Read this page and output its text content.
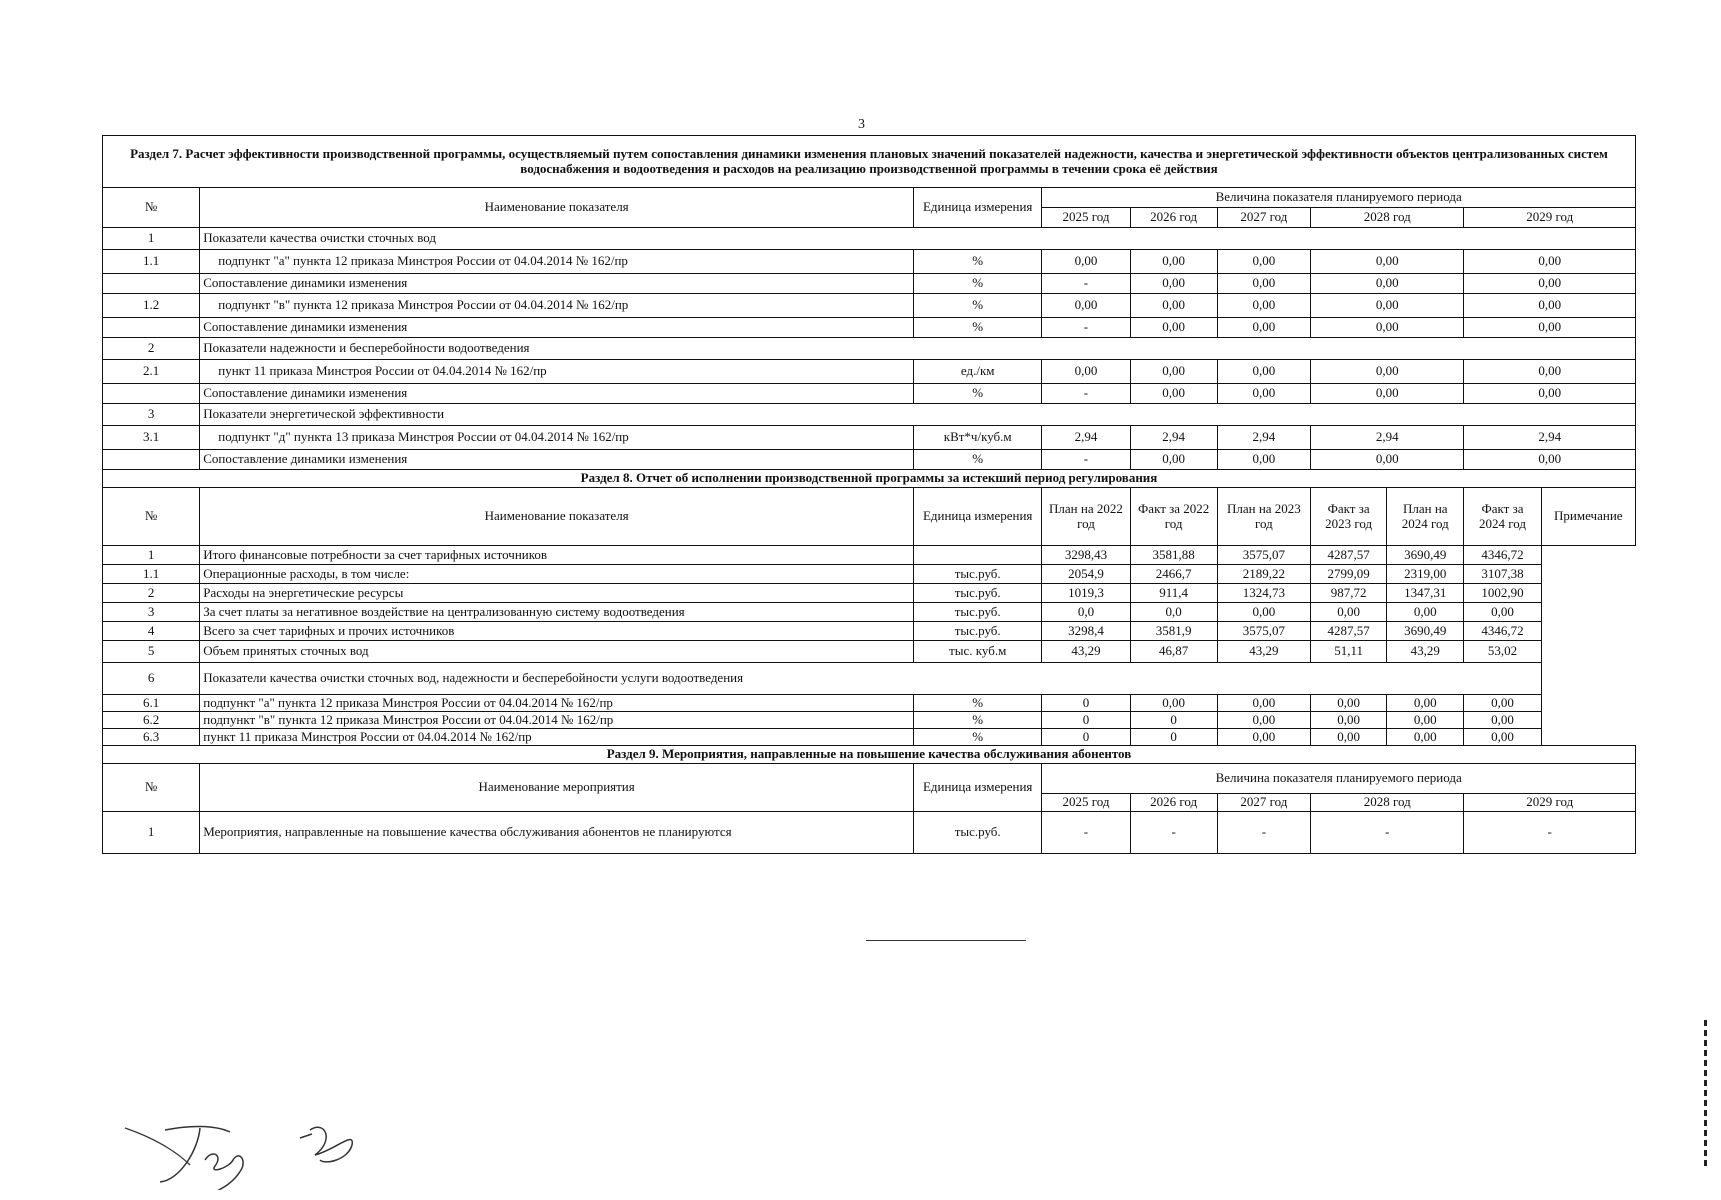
3
Раздел 7. Расчет эффективности производственной программы, осуществляемый путем сопоставления динамики изменения плановых значений показателей надежности, качества и энергетической эффективности объектов централизованных систем водоснабжения и водоотведения и расходов на реализацию производственной программы в течении срока её действия									
№	Наименование показателя	Единица измерения	Величина показателя планируемого периода						
			2025 год	2026 год	2027 год	2028 год		2029 год	
1	Показатели качества очистки сточных вод								
1.1	подпункт "а" пункта 12 приказа Минстроя России от 04.04.2014 № 162/пр	%	0,00	0,00	0,00	0,00		0,00	
	Сопоставление динамики изменения	%	-	0,00	0,00	0,00		0,00	
1.2	подпункт "в" пункта 12 приказа Минстроя России от 04.04.2014 № 162/пр	%	0,00	0,00	0,00	0,00		0,00	
	Сопоставление динамики изменения	%	-	0,00	0,00	0,00		0,00	
2	Показатели надежности и бесперебойности водоотведения								
2.1	пункт 11 приказа Минстроя России от 04.04.2014 № 162/пр	ед./км	0,00	0,00	0,00	0,00		0,00	
	Сопоставление динамики изменения	%	-	0,00	0,00	0,00		0,00	
3	Показатели энергетической эффективности								
3.1	подпункт "д" пункта 13 приказа Минстроя России от 04.04.2014 № 162/пр	кВт*ч/куб.м	2,94	2,94	2,94	2,94		2,94	
	Сопоставление динамики изменения	%	-	0,00	0,00	0,00		0,00	
Раздел 8. Отчет об исполнении производственной программы за истекший период регулирования									
№	Наименование показателя	Единица измерения	План на 2022 год	Факт за 2022 год	План на 2023 год	Факт за 2023 год	План на 2024 год	Факт за 2024 год	Примечание
1	Итого финансовые потребности за счет тарифных источников		3298,43	3581,88	3575,07	4287,57	3690,49	4346,72	
1.1	Операционные расходы, в том числе:	тыс.руб.	2054,9	2466,7	2189,22	2799,09	2319,00	3107,38	
2	Расходы на энергетические ресурсы	тыс.руб.	1019,3	911,4	1324,73	987,72	1347,31	1002,90	
3	За счет платы за негативное воздействие на централизованную систему водоотведения	тыс.руб.	0,0	0,0	0,00	0,00	0,00	0,00	
4	Всего за счет тарифных и прочих источников	тыс.руб.	3298,4	3581,9	3575,07	4287,57	3690,49	4346,72	
5	Объем принятых сточных вод	тыс. куб.м	43,29	46,87	43,29	51,11	43,29	53,02	
6	Показатели качества очистки сточных вод, надежности и бесперебойности услуги водоотведения								
6.1	подпункт "а" пункта 12 приказа Минстроя России от 04.04.2014 № 162/пр	%	0	0,00	0,00	0,00	0,00	0,00	
6.2	подпункт "в" пункта 12 приказа Минстроя России от 04.04.2014 № 162/пр	%	0	0	0,00	0,00	0,00	0,00	
6.3	пункт 11 приказа Минстроя России от 04.04.2014 № 162/пр	%	0	0	0,00	0,00	0,00	0,00	
Раздел 9. Мероприятия, направленные на повышение качества обслуживания абонентов									
№	Наименование мероприятия	Единица измерения	Величина показателя планируемого периода						
			2025 год	2026 год	2027 год	2028 год		2029 год	
1	Мероприятия, направленные на повышение качества обслуживания абонентов не планируются	тыс.руб.	-	-	-	-		-	
